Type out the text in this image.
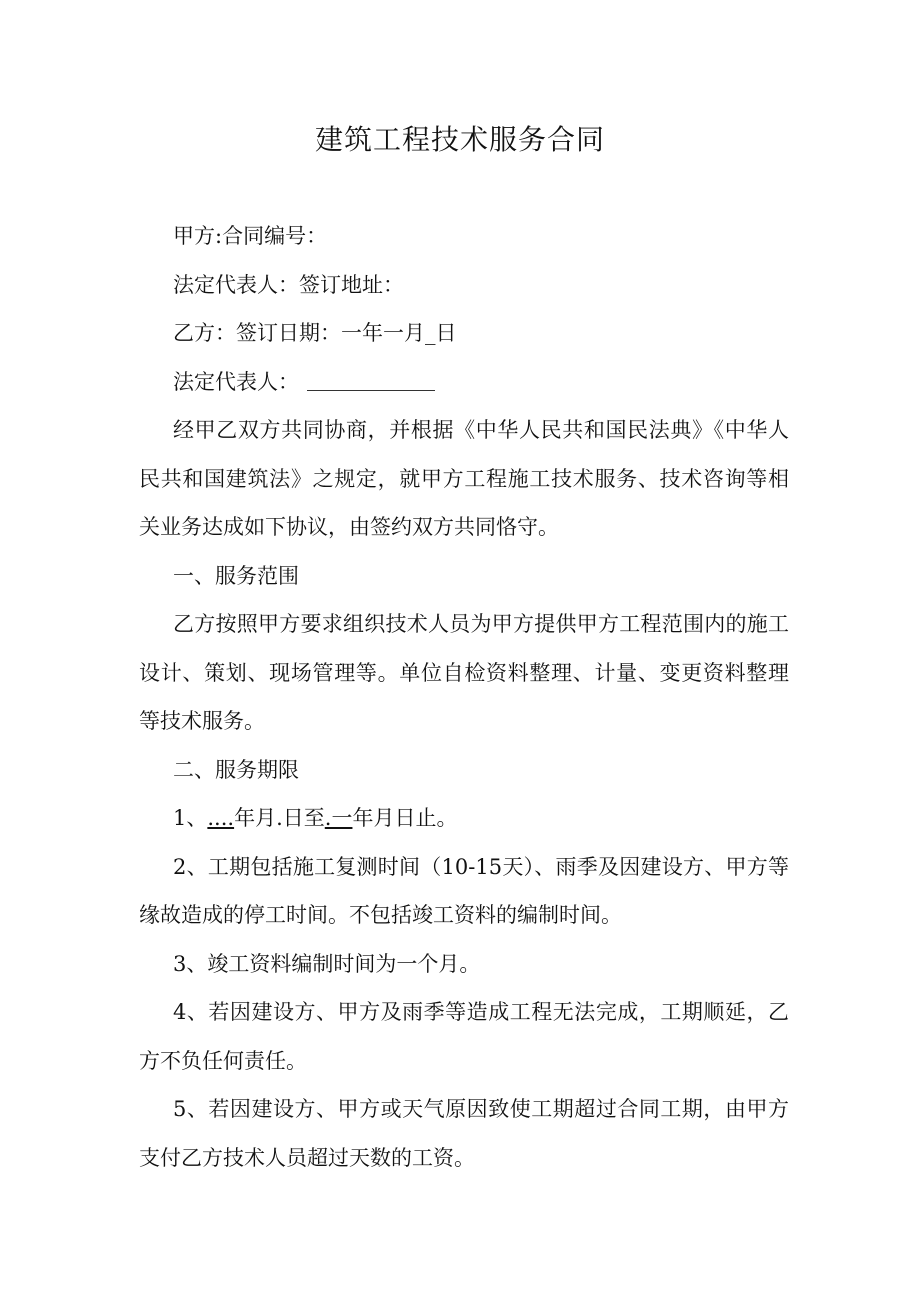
建筑工程技术服务合同

甲方:合同编号：

法定代表人：签订地址：

乙方：签订日期：一年一月_日

法定代表人：

经甲乙双方共同协商，并根据《中华人民共和国民法典》《中华人民共和国建筑法》之规定，就甲方工程施工技术服务、技术咨询等相关业务达成如下协议，由签约双方共同恪守。

一、服务范围

乙方按照甲方要求组织技术人员为甲方提供甲方工程范围内的施工设计、策划、现场管理等。单位自检资料整理、计量、变更资料整理等技术服务。

二、服务期限

1、....年月.日至.一年月日止。

2、工期包括施工复测时间（10-15天）、雨季及因建设方、甲方等缘故造成的停工时间。不包括竣工资料的编制时间。

3、竣工资料编制时间为一个月。

4、若因建设方、甲方及雨季等造成工程无法完成，工期顺延，乙方不负任何责任。

5、若因建设方、甲方或天气原因致使工期超过合同工期，由甲方支付乙方技术人员超过天数的工资。
